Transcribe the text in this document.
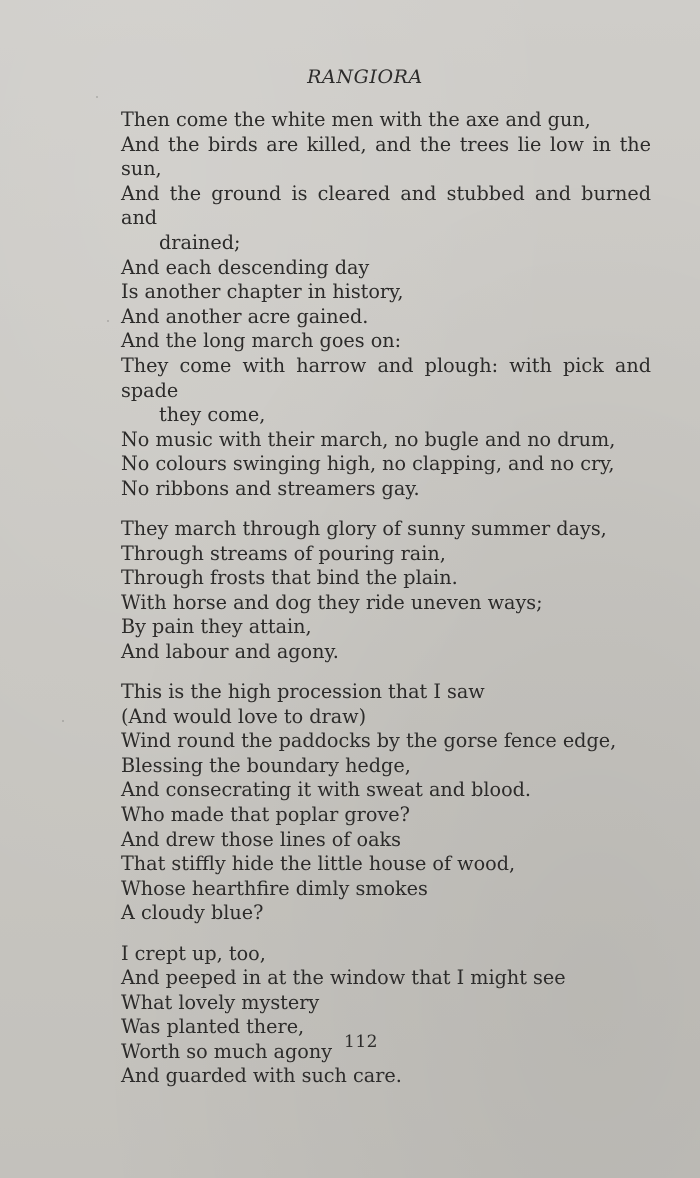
RANGIORA
Then come the white men with the axe and gun,
And the birds are killed, and the trees lie low in the sun,
And the ground is cleared and stubbed and burned and
drained;
And each descending day
Is another chapter in history,
And another acre gained.
And the long march goes on:
They come with harrow and plough: with pick and spade
they come,
No music with their march, no bugle and no drum,
No colours swinging high, no clapping, and no cry,
No ribbons and streamers gay.
They march through glory of sunny summer days,
Through streams of pouring rain,
Through frosts that bind the plain.
With horse and dog they ride uneven ways;
By pain they attain,
And labour and agony.
This is the high procession that I saw
(And would love to draw)
Wind round the paddocks by the gorse fence edge,
Blessing the boundary hedge,
And consecrating it with sweat and blood.
Who made that poplar grove?
And drew those lines of oaks
That stiffly hide the little house of wood,
Whose hearthfire dimly smokes
A cloudy blue?
I crept up, too,
And peeped in at the window that I might see
What lovely mystery
Was planted there,
Worth so much agony
And guarded with such care.
112
